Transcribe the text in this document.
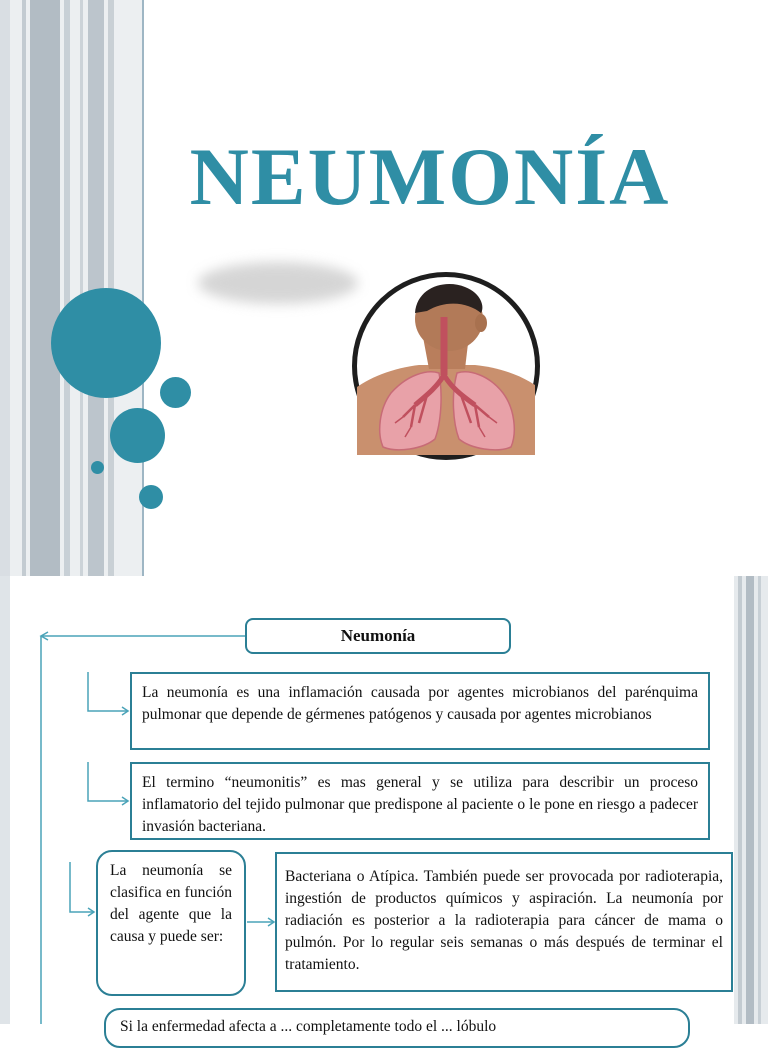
NEUMONÍA
Neumonía

La neumonía es una inflamación causada por agentes microbianos del parénquima pulmonar que depende de gérmenes patógenos y causada por agentes microbianos

El termino “neumonitis” es mas general y se utiliza para describir un proceso inflamatorio del tejido pulmonar que predispone al paciente o le pone en riesgo a padecer invasión bacteriana.

La neumonía se clasifica en función del agente que la causa y puede ser:

Bacteriana o Atípica. También puede ser provocada por radioterapia, ingestión de productos químicos y aspiración. La neumonía por radiación es posterior a la radioterapia para cáncer de mama o pulmón. Por lo regular seis semanas o más después de terminar el tratamiento.

Si la enfermedad afecta a ... completamente todo el ... lóbulo
